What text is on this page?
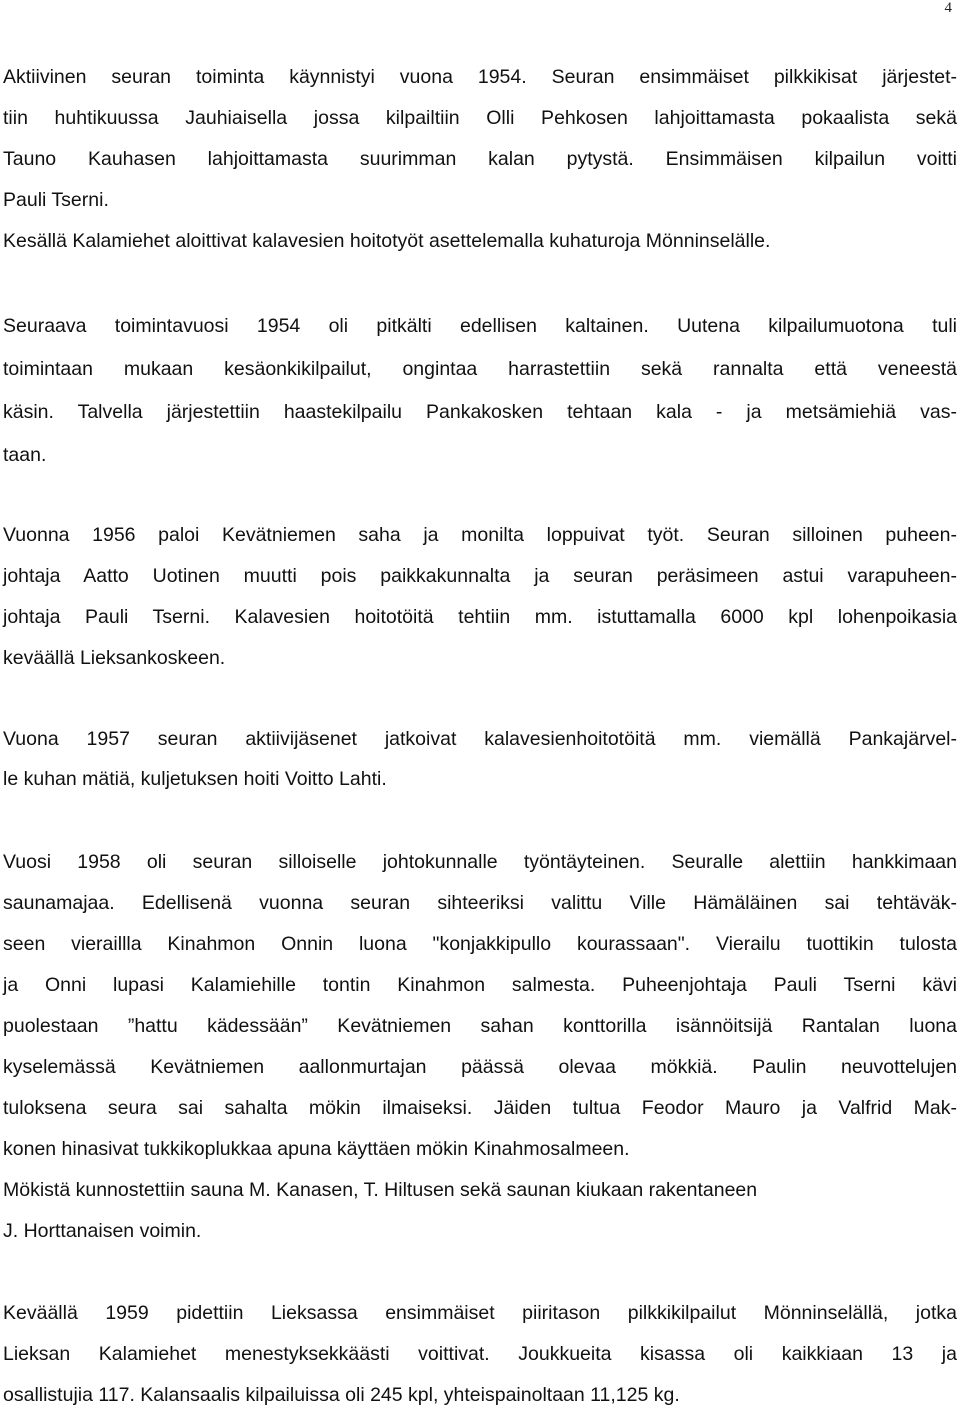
4
Aktiivinen seuran toiminta käynnistyi vuona 1954. Seuran ensimmäiset pilkkikisat järjestet-
tiin huhtikuussa Jauhiaisella jossa kilpailtiin Olli Pehkosen lahjoittamasta pokaalista sekä
Tauno Kauhasen lahjoittamasta suurimman kalan pytystä. Ensimmäisen kilpailun voitti
Pauli Tserni.
Kesällä Kalamiehet aloittivat kalavesien hoitotyöt asettelemalla kuhaturoja Mönninselälle.
Seuraava toimintavuosi 1954 oli pitkälti edellisen kaltainen. Uutena kilpailumuotona tuli
toimintaan mukaan kesäonkikilpailut, ongintaa harrastettiin sekä rannalta että veneestä
käsin. Talvella järjestettiin haastekilpailu Pankakosken tehtaan kala - ja metsämiehiä vas-
taan.
Vuonna 1956 paloi Kevätniemen saha ja monilta loppuivat työt. Seuran silloinen puheen-
johtaja Aatto Uotinen muutti pois paikkakunnalta ja seuran peräsimeen astui varapuheen-
johtaja Pauli Tserni. Kalavesien hoitotöitä tehtiin mm. istuttamalla 6000 kpl lohenpoikasia
keväällä Lieksankoskeen.
Vuona 1957 seuran aktiivijäsenet jatkoivat kalavesienhoitotöitä mm. viemällä Pankajärvel-
le kuhan mätiä, kuljetuksen hoiti Voitto Lahti.
Vuosi 1958 oli seuran silloiselle johtokunnalle työntäyteinen. Seuralle alettiin hankkimaan
saunamajaa. Edellisenä vuonna seuran sihteeriksi valittu Ville Hämäläinen sai tehtäväk-
seen vieraillla Kinahmon Onnin luona "konjakkipullo kourassaan". Vierailu tuottikin tulosta
ja Onni lupasi Kalamiehille tontin Kinahmon salmesta. Puheenjohtaja Pauli Tserni kävi
puolestaan ”hattu kädessään” Kevätniemen sahan konttorilla isännöitsijä Rantalan luona
kyselemässä Kevätniemen aallonmurtajan päässä olevaa mökkiä. Paulin neuvottelujen
tuloksena seura sai sahalta mökin ilmaiseksi. Jäiden tultua Feodor Mauro ja Valfrid Mak-
konen hinasivat tukkikoplukkaa apuna käyttäen mökin Kinahmosalmeen.
Mökistä kunnostettiin sauna M. Kanasen, T. Hiltusen sekä saunan kiukaan rakentaneen
J. Horttanaisen voimin.
Keväällä 1959 pidettiin Lieksassa ensimmäiset piiritason pilkkikilpailut Mönninselällä, jotka
Lieksan Kalamiehet menestyksekkäästi voittivat. Joukkueita kisassa oli kaikkiaan 13 ja
osallistujia 117. Kalansaalis kilpailuissa oli 245 kpl, yhteispainoltaan 11,125 kg.
